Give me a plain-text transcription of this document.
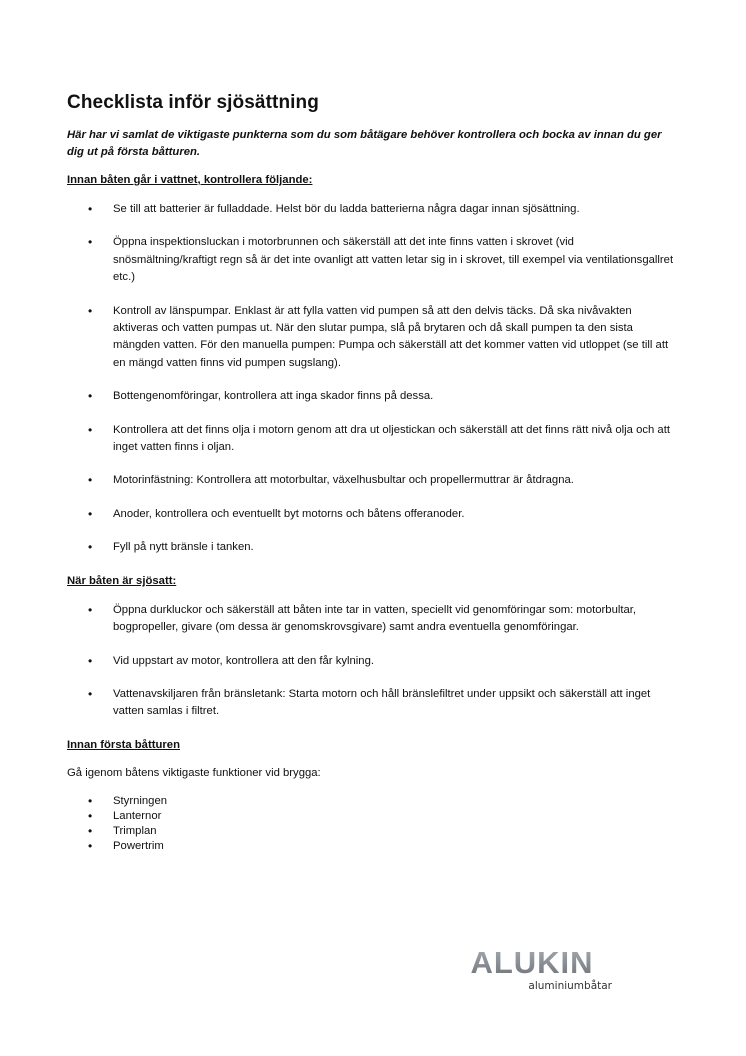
Checklista inför sjösättning

Här har vi samlat de viktigaste punkterna som du som båtägare behöver kontrollera och bocka av innan du ger dig ut på första båtturen.

Innan båten går i vattnet, kontrollera följande:

• Se till att batterier är fulladdade. Helst bör du ladda batterierna några dagar innan sjösättning.
• Öppna inspektionsluckan i motorbrunnen och säkerställ att det inte finns vatten i skrovet (vid snösmältning/kraftigt regn så är det inte ovanligt att vatten letar sig in i skrovet, till exempel via ventilationsgallret etc.)
• Kontroll av länspumpar. Enklast är att fylla vatten vid pumpen så att den delvis täcks. Då ska nivåvakten aktiveras och vatten pumpas ut. När den slutar pumpa, slå på brytaren och då skall pumpen ta den sista mängden vatten. För den manuella pumpen: Pumpa och säkerställ att det kommer vatten vid utloppet (se till att en mängd vatten finns vid pumpen sugslang).
• Bottengenomföringar, kontrollera att inga skador finns på dessa.
• Kontrollera att det finns olja i motorn genom att dra ut oljestickan och säkerställ att det finns rätt nivå olja och att inget vatten finns i oljan.
• Motorinfästning: Kontrollera att motorbultar, växelhusbultar och propellermuttrar är åtdragna.
• Anoder, kontrollera och eventuellt byt motorns och båtens offeranoder.
• Fyll på nytt bränsle i tanken.

När båten är sjösatt:

• Öppna durkluckor och säkerställ att båten inte tar in vatten, speciellt vid genomföringar som: motorbultar, bogpropeller, givare (om dessa är genomskrovsgivare) samt andra eventuella genomföringar.
• Vid uppstart av motor, kontrollera att den får kylning.
• Vattenavskiljaren från bränsletank: Starta motorn och håll bränslefiltret under uppsikt och säkerställ att inget vatten samlas i filtret.

Innan första båtturen

Gå igenom båtens viktigaste funktioner vid brygga:

• Styrningen
• Lanternor
• Trimplan
• Powertrim
ALUKIN
aluminiumbåtar
